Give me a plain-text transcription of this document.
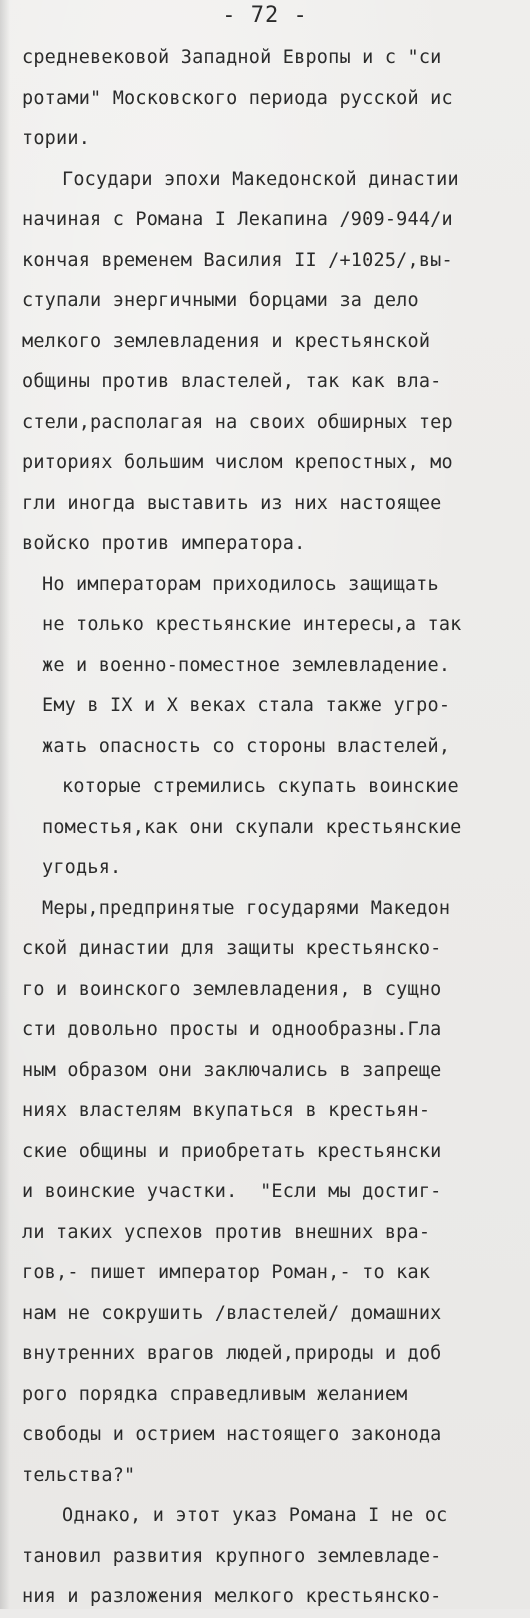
- 72 -
средневековой Западной Европы и с "си
ротами" Московского периода русской ис
тории.
Государи эпохи Македонской династии
начиная с Романа I Лекапина /909-944/и
кончая временем Василия II /+1025/,вы-
ступали энергичными борцами за дело
мелкого землевладения и крестьянской
общины против властелей, так как вла-
стели,располагая на своих обширных тер
риториях большим числом крепостных, мо
гли иногда выставить из них настоящее
войско против императора.
Но императорам приходилось защищать
не только крестьянские интересы,а так
же и военно-поместное землевладение.
Ему в IX и X веках стала также угро-
жать опасность со стороны властелей,
которые стремились скупать воинские
поместья,как они скупали крестьянские
угодья.
Меры,предпринятые государями Македон
ской династии для защиты крестьянско-
го и воинского землевладения, в сущно
сти довольно просты и однообразны.Гла
ным образом они заключались в запреще
ниях властелям вкупаться в крестьян-
ские общины и приобретать крестьянски
и воинские участки.  "Если мы достиг-
ли таких успехов против внешних вра-
гов,- пишет император Роман,- то как
нам не сокрушить /властелей/ домашних
внутренних врагов людей,природы и доб
рого порядка справедливым желанием
свободы и острием настоящего законода
тельства?"
Однако, и этот указ Романа I не ос
тановил развития крупного землевладе-
ния и разложения мелкого крестьянско-
